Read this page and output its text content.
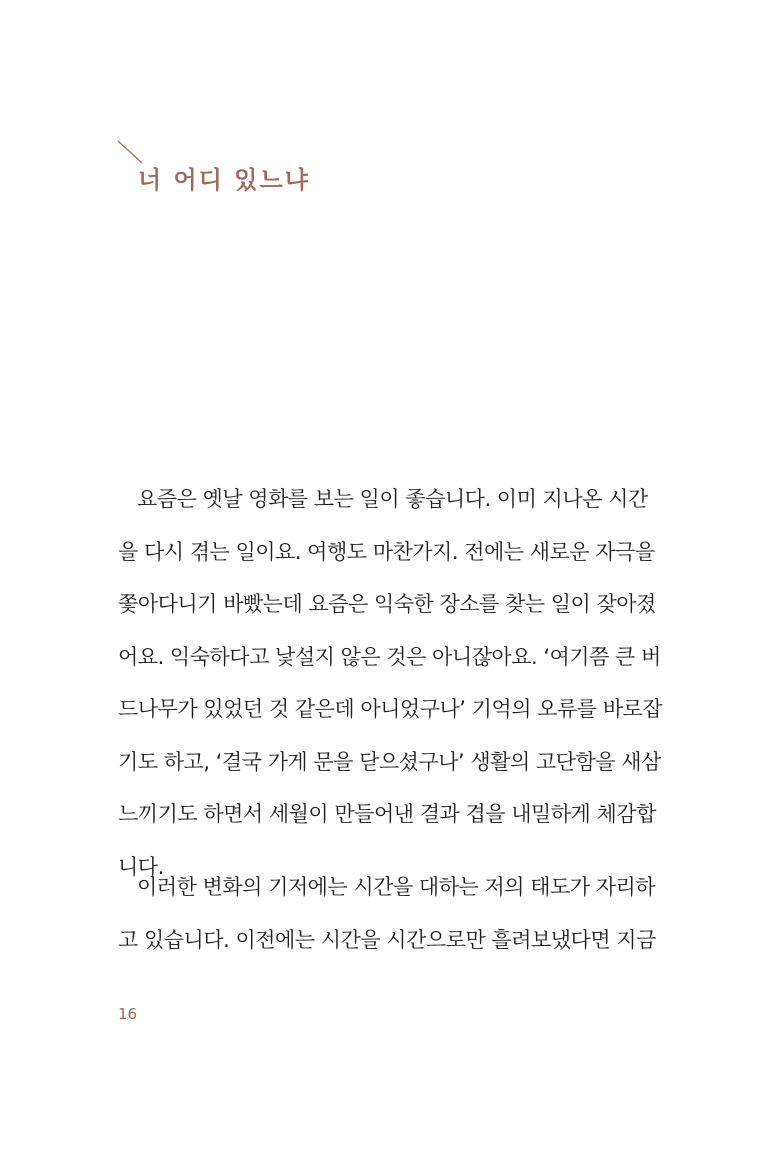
너 어디 있느냐
요즘은 옛날 영화를 보는 일이 좋습니다. 이미 지나온 시간
을 다시 겪는 일이요. 여행도 마찬가지. 전에는 새로운 자극을
쫓아다니기 바빴는데 요즘은 익숙한 장소를 찾는 일이 잦아졌
어요. 익숙하다고 낯설지 않은 것은 아니잖아요. ‘여기쯤 큰 버
드나무가 있었던 것 같은데 아니었구나’ 기억의 오류를 바로잡
기도 하고, ‘결국 가게 문을 닫으셨구나’ 생활의 고단함을 새삼
느끼기도 하면서 세월이 만들어낸 결과 겹을 내밀하게 체감합
니다.
이러한 변화의 기저에는 시간을 대하는 저의 태도가 자리하
고 있습니다. 이전에는 시간을 시간으로만 흘려보냈다면 지금
16
